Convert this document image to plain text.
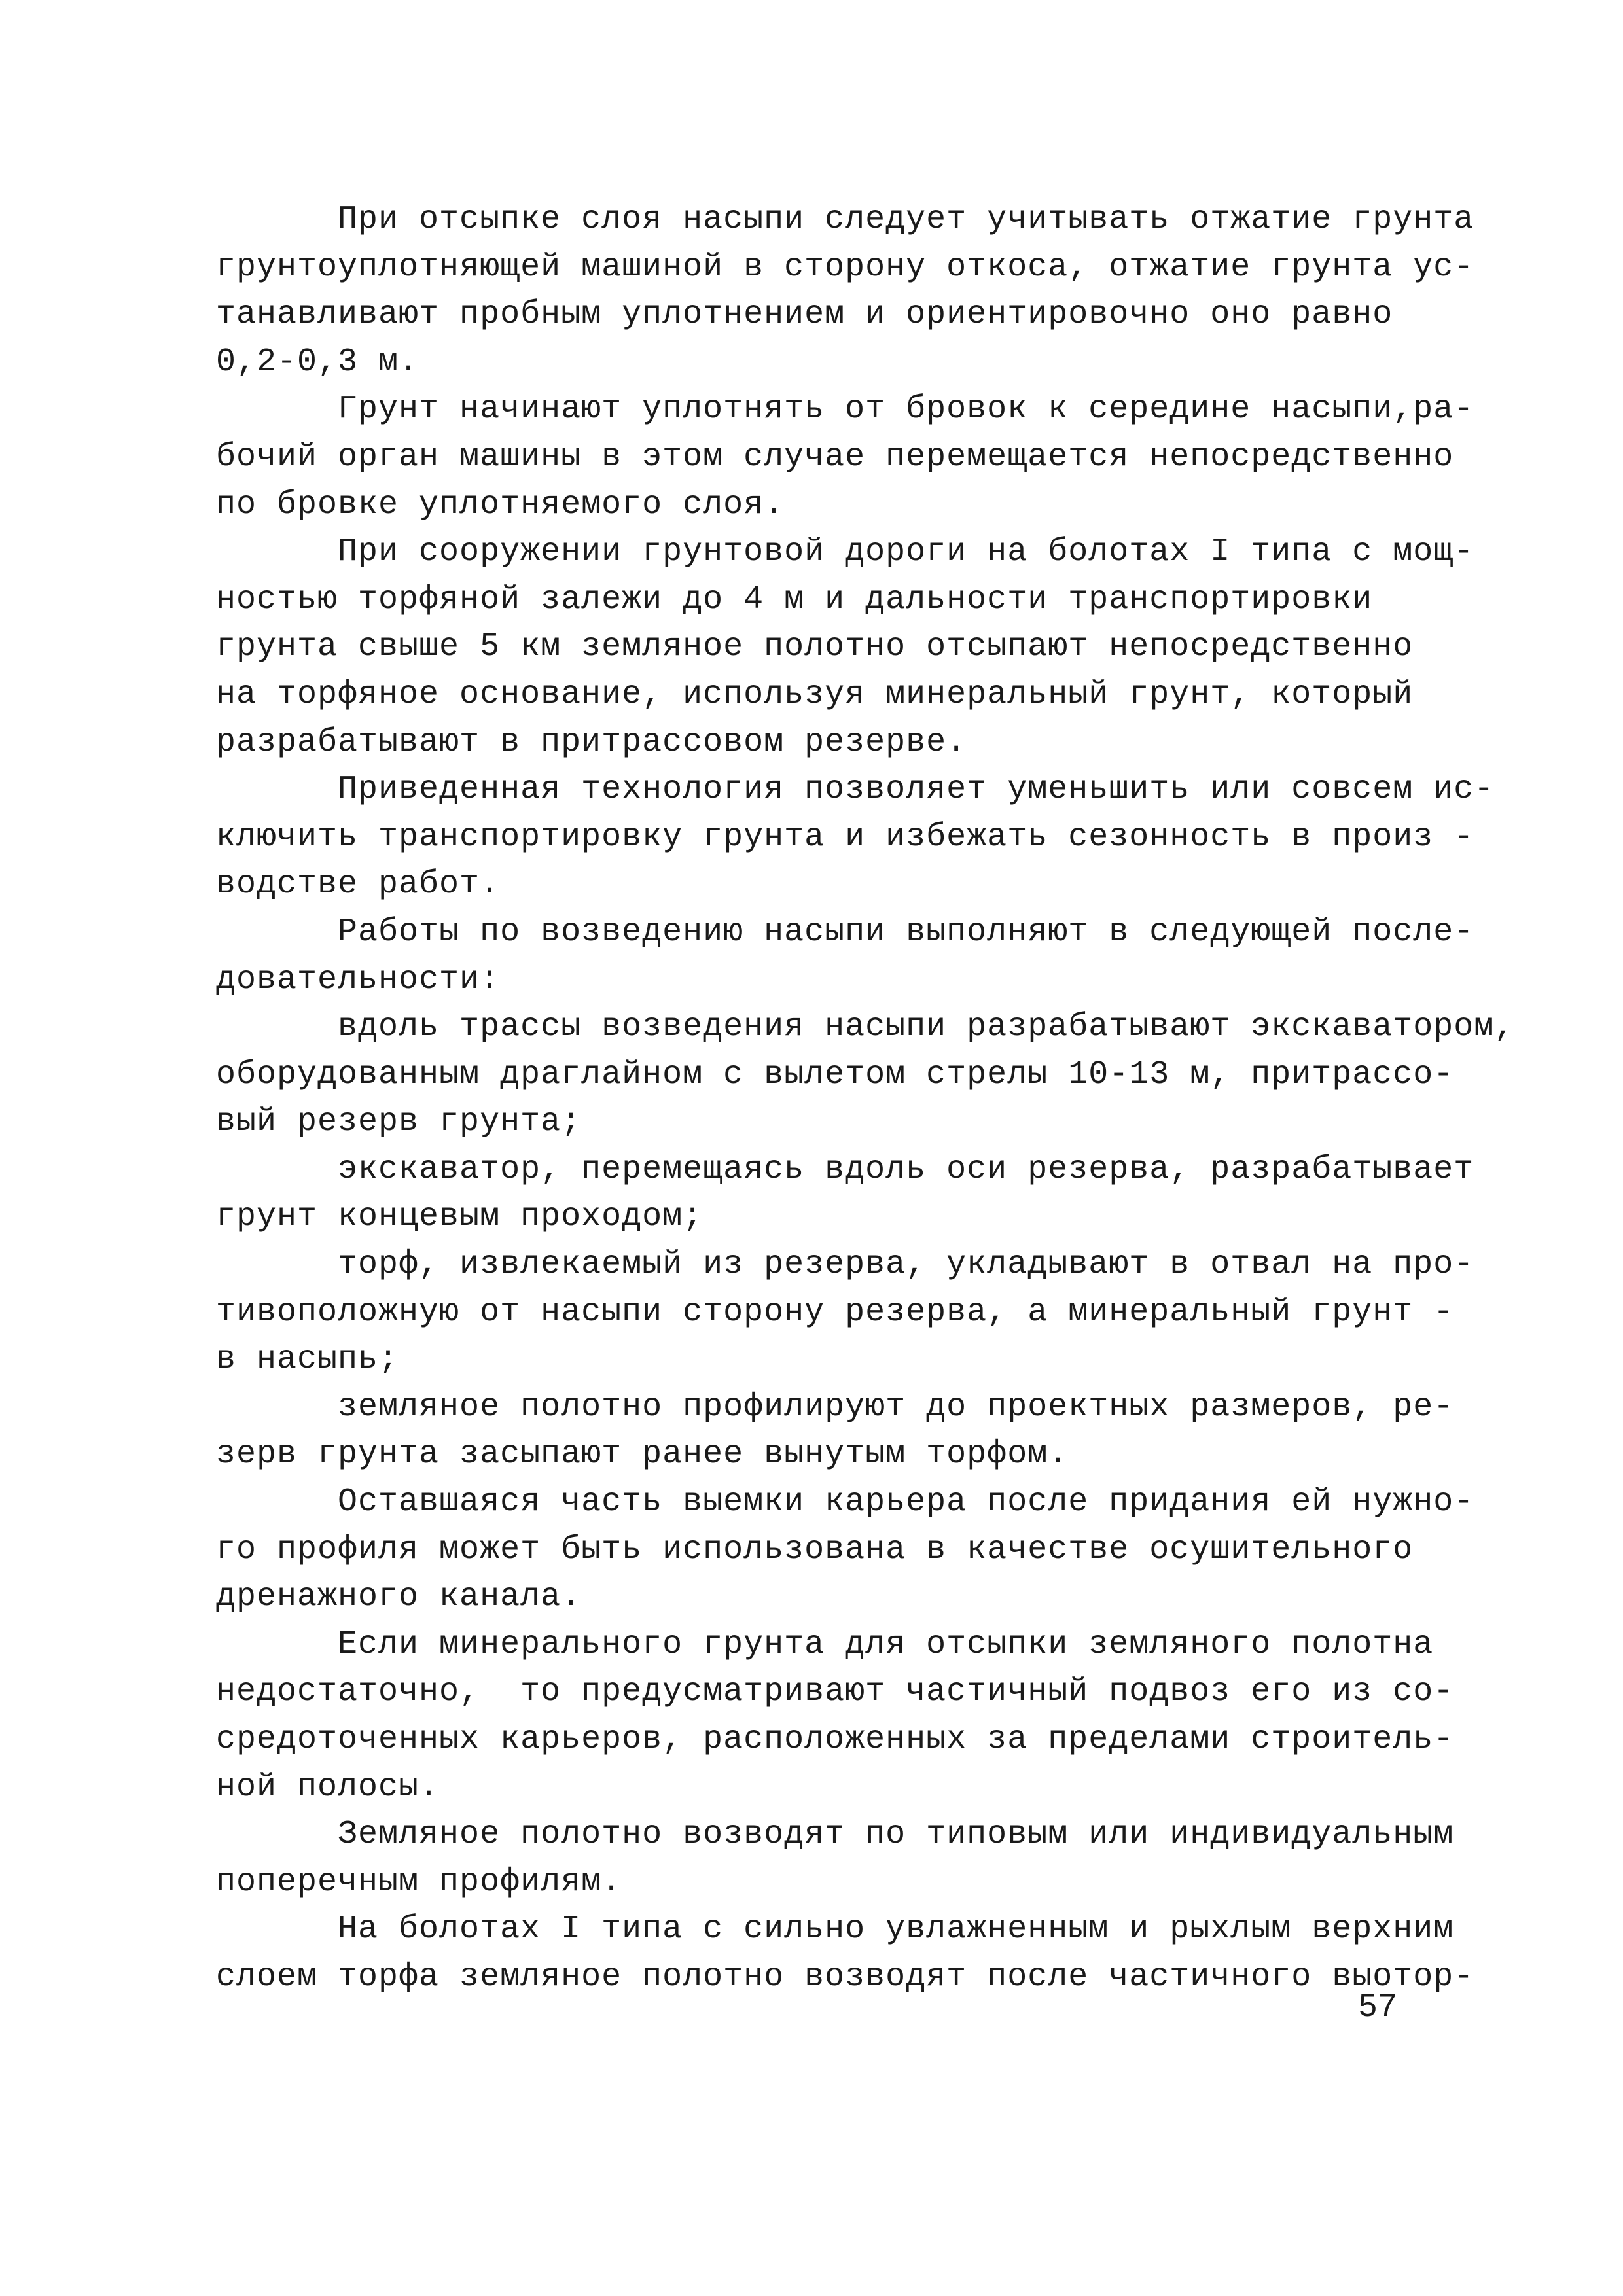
При отсыпке слоя насыпи следует учитывать отжатие грунта
грунтоуплотняющей машиной в сторону откоса, отжатие грунта ус-
танавливают пробным уплотнением и ориентировочно оно равно
0,2-0,3 м.
Грунт начинают уплотнять от бровок к середине насыпи,ра-
бочий орган машины в этом случае перемещается непосредственно
по бровке уплотняемого слоя.
При сооружении грунтовой дороги на болотах I типа с мощ-
ностью торфяной залежи до 4 м и дальности транспортировки
грунта свыше 5 км земляное полотно отсыпают непосредственно
на торфяное основание, используя минеральный грунт, который
разрабатывают в притрассовом резерве.
Приведенная технология позволяет уменьшить или совсем ис-
ключить транспортировку грунта и избежать сезонность в произ -
водстве работ.
Работы по возведению насыпи выполняют в следующей после-
довательности:
вдоль трассы возведения насыпи разрабатывают экскаватором,
оборудованным драглайном с вылетом стрелы 10-13 м, притрассо-
вый резерв грунта;
экскаватор, перемещаясь вдоль оси резерва, разрабатывает
грунт концевым проходом;
торф, извлекаемый из резерва, укладывают в отвал на про-
тивоположную от насыпи сторону резерва, а минеральный грунт -
в насыпь;
земляное полотно профилируют до проектных размеров, ре-
зерв грунта засыпают ранее вынутым торфом.
Оставшаяся часть выемки карьера после придания ей нужно-
го профиля может быть использована в качестве осушительного
дренажного канала.
Если минерального грунта для отсыпки земляного полотна
недостаточно,  то предусматривают частичный подвоз его из со-
средоточенных карьеров, расположенных за пределами строитель-
ной полосы.
Земляное полотно возводят по типовым или индивидуальным
поперечным профилям.
На болотах I типа с сильно увлажненным и рыхлым верхним
слоем торфа земляное полотно возводят после частичного выотор-
57
